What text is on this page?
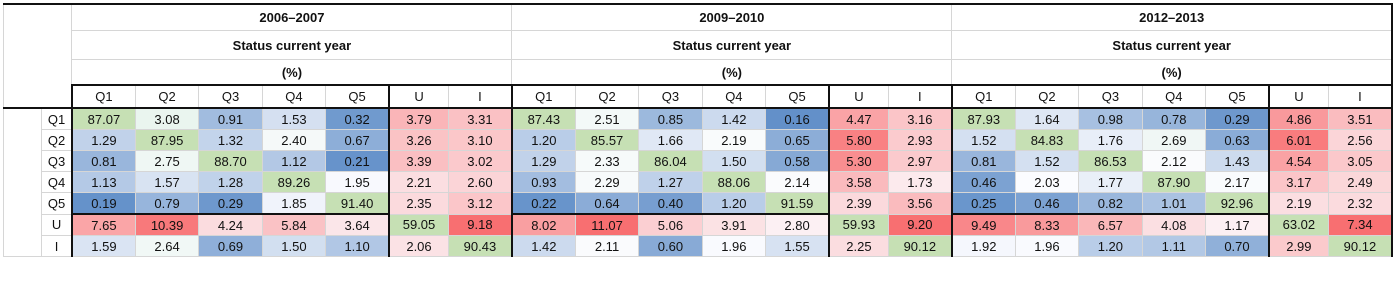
		2006–2007							2009–2010							2012–2013						
		Status current year							Status current year							Status current year						
		(%)							(%)							(%)						
		Q1	Q2	Q3	Q4	Q5	U	I	Q1	Q2	Q3	Q4	Q5	U	I	Q1	Q2	Q3	Q4	Q5	U	I
	Q1	87.07	3.08	0.91	1.53	0.32	3.79	3.31	87.43	2.51	0.85	1.42	0.16	4.47	3.16	87.93	1.64	0.98	0.78	0.29	4.86	3.51
	Q2	1.29	87.95	1.32	2.40	0.67	3.26	3.10	1.20	85.57	1.66	2.19	0.65	5.80	2.93	1.52	84.83	1.76	2.69	0.63	6.01	2.56
	Q3	0.81	2.75	88.70	1.12	0.21	3.39	3.02	1.29	2.33	86.04	1.50	0.58	5.30	2.97	0.81	1.52	86.53	2.12	1.43	4.54	3.05
	Q4	1.13	1.57	1.28	89.26	1.95	2.21	2.60	0.93	2.29	1.27	88.06	2.14	3.58	1.73	0.46	2.03	1.77	87.90	2.17	3.17	2.49
	Q5	0.19	0.79	0.29	1.85	91.40	2.35	3.12	0.22	0.64	0.40	1.20	91.59	2.39	3.56	0.25	0.46	0.82	1.01	92.96	2.19	2.32
	U	7.65	10.39	4.24	5.84	3.64	59.05	9.18	8.02	11.07	5.06	3.91	2.80	59.93	9.20	9.49	8.33	6.57	4.08	1.17	63.02	7.34
	I	1.59	2.64	0.69	1.50	1.10	2.06	90.43	1.42	2.11	0.60	1.96	1.55	2.25	90.12	1.92	1.96	1.20	1.11	0.70	2.99	90.12
